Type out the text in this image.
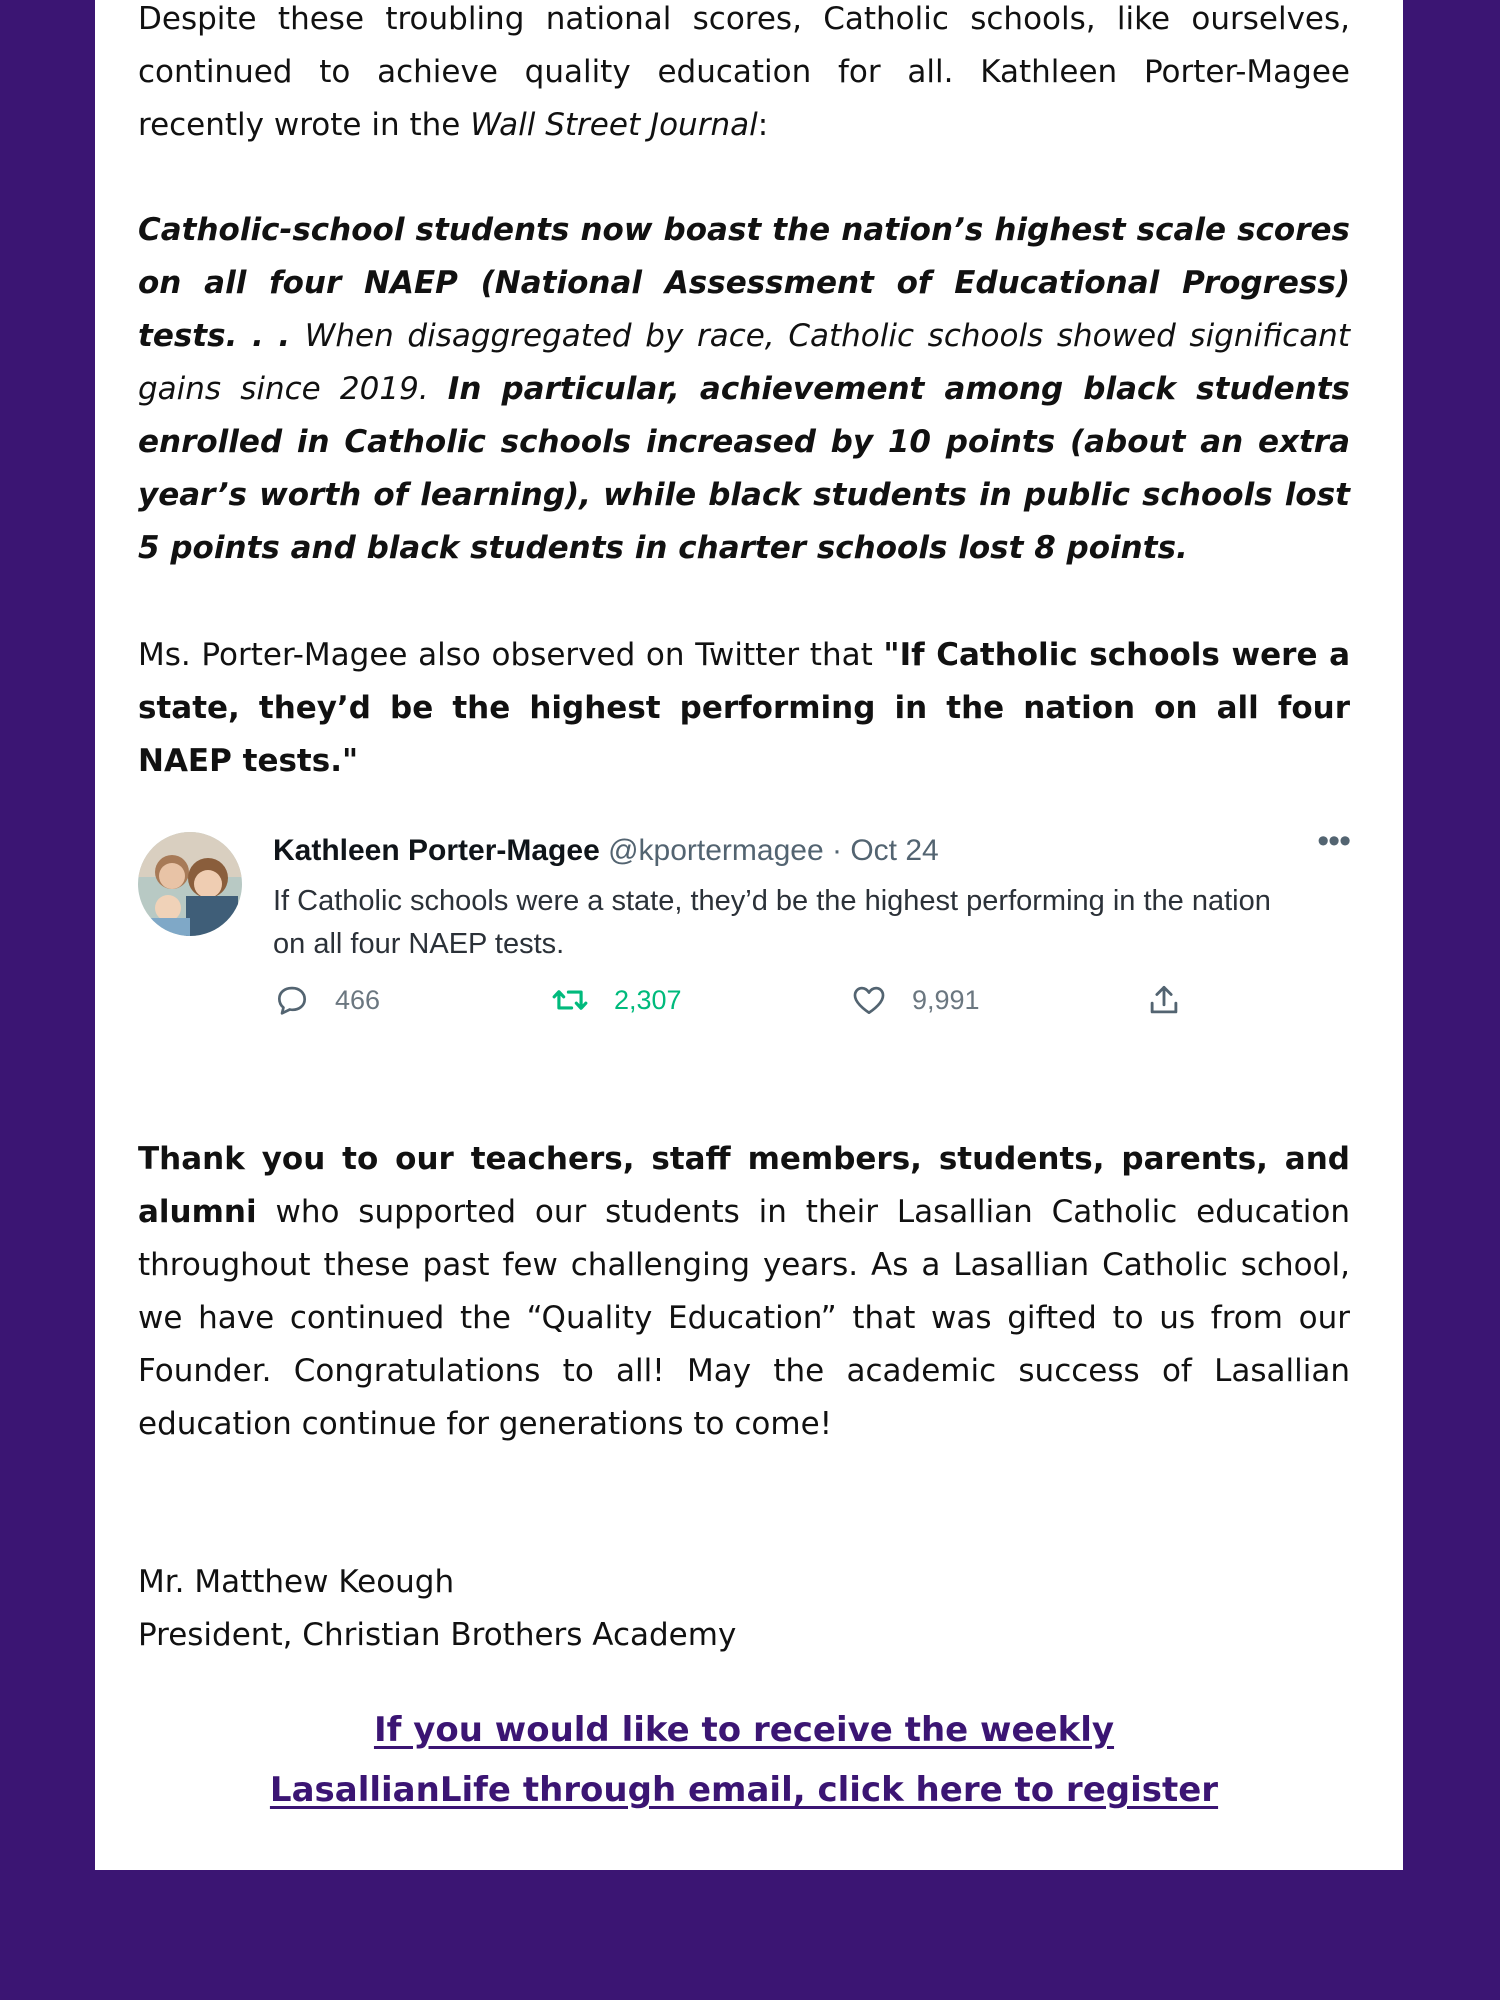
Despite these troubling national scores, Catholic schools, like ourselves, continued to achieve quality education for all. Kathleen Porter-Magee recently wrote in the Wall Street Journal:
Catholic-school students now boast the nation’s highest scale scores on all four NAEP (National Assessment of Educational Progress) tests. . . When disaggregated by race, Catholic schools showed significant gains since 2019. In particular, achievement among black students enrolled in Catholic schools increased by 10 points (about an extra year’s worth of learning), while black students in public schools lost 5 points and black students in charter schools lost 8 points.
Ms. Porter-Magee also observed on Twitter that "If Catholic schools were a state, they’d be the highest performing in the nation on all four NAEP tests."
Kathleen Porter-Magee @kportermagee · Oct 24	•••
If Catholic schools were a state, they’d be the highest performing in the nation on all four NAEP tests.
466	2,307	9,991
Thank you to our teachers, staff members, students, parents, and alumni who supported our students in their Lasallian Catholic education throughout these past few challenging years. As a Lasallian Catholic school, we have continued the “Quality Education” that was gifted to us from our Founder. Congratulations to all! May the academic success of Lasallian education continue for generations to come!
Mr. Matthew Keough
President, Christian Brothers Academy
If you would like to receive the weekly
LasallianLife through email, click here to register
